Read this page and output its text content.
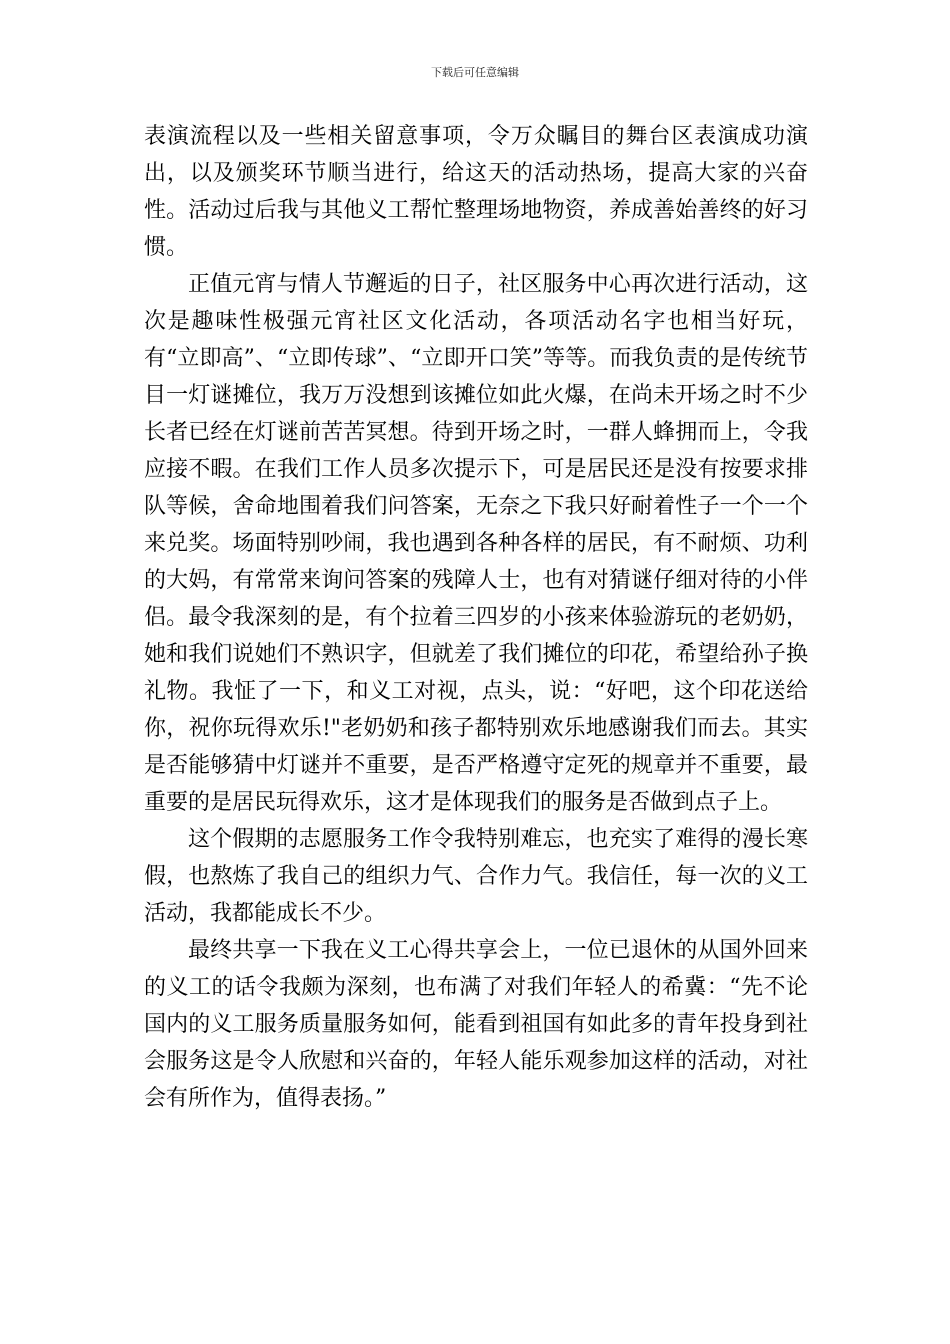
下载后可任意编辑

表演流程以及一些相关留意事项，令万众瞩目的舞台区表演成功演出，以及颁奖环节顺当进行，给这天的活动热场，提高大家的兴奋性。活动过后我与其他义工帮忙整理场地物资，养成善始善终的好习惯。

正值元宵与情人节邂逅的日子，社区服务中心再次进行活动，这次是趣味性极强元宵社区文化活动，各项活动名字也相当好玩，有“立即高”、“立即传球”、“立即开口笑”等等。而我负责的是传统节目一灯谜摊位，我万万没想到该摊位如此火爆，在尚未开场之时不少长者已经在灯谜前苦苦冥想。待到开场之时，一群人蜂拥而上，令我应接不暇。在我们工作人员多次提示下，可是居民还是没有按要求排队等候，舍命地围着我们问答案，无奈之下我只好耐着性子一个一个来兑奖。场面特别吵闹，我也遇到各种各样的居民，有不耐烦、功利的大妈，有常常来询问答案的残障人士，也有对猜谜仔细对待的小伴侣。最令我深刻的是，有个拉着三四岁的小孩来体验游玩的老奶奶，她和我们说她们不熟识字，但就差了我们摊位的印花，希望给孙子换礼物。我怔了一下，和义工对视，点头，说：“好吧，这个印花送给你，祝你玩得欢乐!"老奶奶和孩子都特别欢乐地感谢我们而去。其实是否能够猜中灯谜并不重要，是否严格遵守定死的规章并不重要，最重要的是居民玩得欢乐，这才是体现我们的服务是否做到点子上。

这个假期的志愿服务工作令我特别难忘，也充实了难得的漫长寒假，也熬炼了我自己的组织力气、合作力气。我信任，每一次的义工活动，我都能成长不少。

最终共享一下我在义工心得共享会上，一位已退休的从国外回来的义工的话令我颇为深刻，也布满了对我们年轻人的希冀：“先不论国内的义工服务质量服务如何，能看到祖国有如此多的青年投身到社会服务这是令人欣慰和兴奋的，年轻人能乐观参加这样的活动，对社会有所作为，值得表扬。”
